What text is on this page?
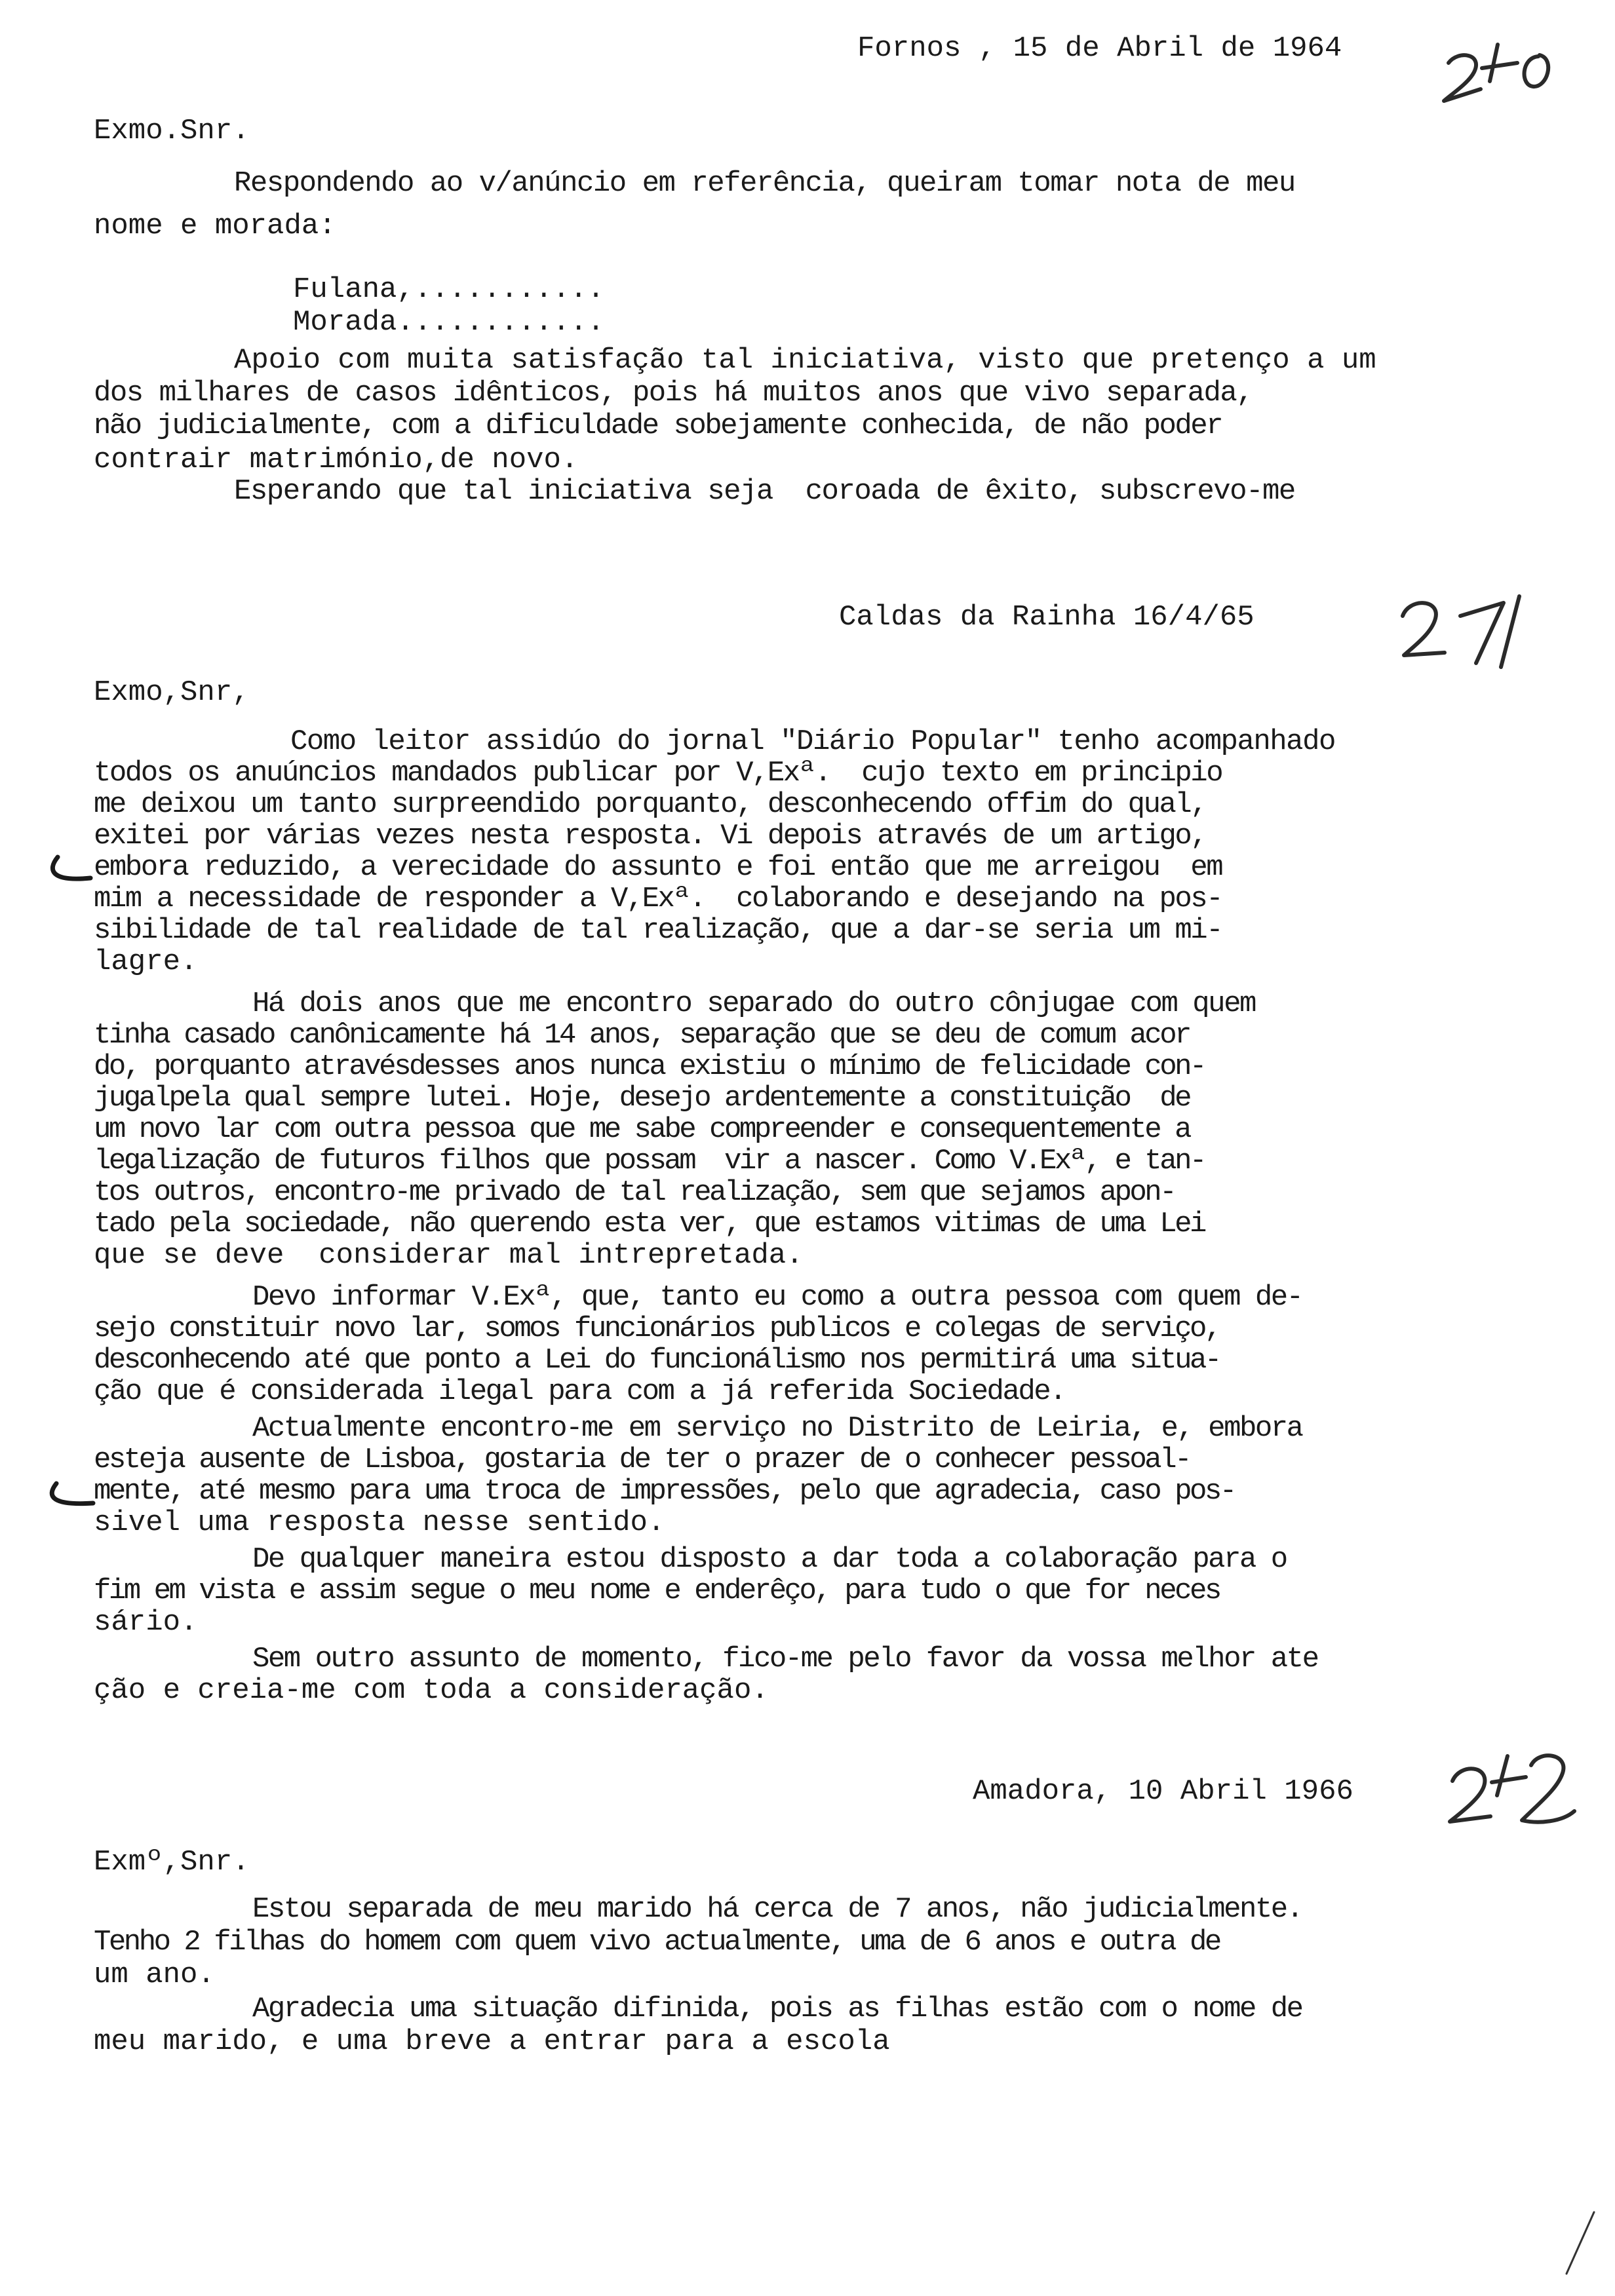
Fornos , 15 de Abril de 1964
Exmo.Snr.
Respondendo ao v/anúncio em referência, queiram tomar nota de meu
nome e morada:
Fulana,...........
Morada............
Apoio com muita satisfação tal iniciativa, visto que pretenço a um
dos milhares de casos idênticos, pois há muitos anos que vivo separada,
não judicialmente, com a dificuldade sobejamente conhecida, de não poder
contrair matrimónio,de novo.
Esperando que tal iniciativa seja  coroada de êxito, subscrevo-me
Caldas da Rainha 16/4/65
Exmo,Snr,
Como leitor assidúo do jornal "Diário Popular" tenho acompanhado
todos os anuúncios mandados publicar por V,Exª.  cujo texto em principio
me deixou um tanto surpreendido porquanto, desconhecendo offim do qual,
exitei por várias vezes nesta resposta. Vi depois através de um artigo,
embora reduzido, a verecidade do assunto e foi então que me arreigou  em
mim a necessidade de responder a V,Exª.  colaborando e desejando na pos-
sibilidade de tal realidade de tal realização, que a dar-se seria um mi-
lagre.
Há dois anos que me encontro separado do outro cônjugae com quem
tinha casado canônicamente há 14 anos, separação que se deu de comum acor
do, porquanto atravésdesses anos nunca existiu o mínimo de felicidade con-
jugalpela qual sempre lutei. Hoje, desejo ardentemente a constituição  de
um novo lar com outra pessoa que me sabe compreender e consequentemente a
legalização de futuros filhos que possam  vir a nascer. Como V.Exª, e tan-
tos outros, encontro-me privado de tal realização, sem que sejamos apon-
tado pela sociedade, não querendo esta ver, que estamos vitimas de uma Lei
que se deve  considerar mal intrepretada.
Devo informar V.Exª, que, tanto eu como a outra pessoa com quem de-
sejo constituir novo lar, somos funcionários publicos e colegas de serviço,
desconhecendo até que ponto a Lei do funcionálismo nos permitirá uma situa-
ção que é considerada ilegal para com a já referida Sociedade.
Actualmente encontro-me em serviço no Distrito de Leiria, e, embora
esteja ausente de Lisboa, gostaria de ter o prazer de o conhecer pessoal-
mente, até mesmo para uma troca de impressões, pelo que agradecia, caso pos-
sivel uma resposta nesse sentido.
De qualquer maneira estou disposto a dar toda a colaboração para o
fim em vista e assim segue o meu nome e enderêço, para tudo o que for neces
sário.
Sem outro assunto de momento, fico-me pelo favor da vossa melhor ate
ção e creia-me com toda a consideração.
Amadora, 10 Abril 1966
Exmº,Snr.
Estou separada de meu marido há cerca de 7 anos, não judicialmente.
Tenho 2 filhas do homem com quem vivo actualmente, uma de 6 anos e outra de
um ano.
Agradecia uma situação difinida, pois as filhas estão com o nome de
meu marido, e uma breve a entrar para a escola
